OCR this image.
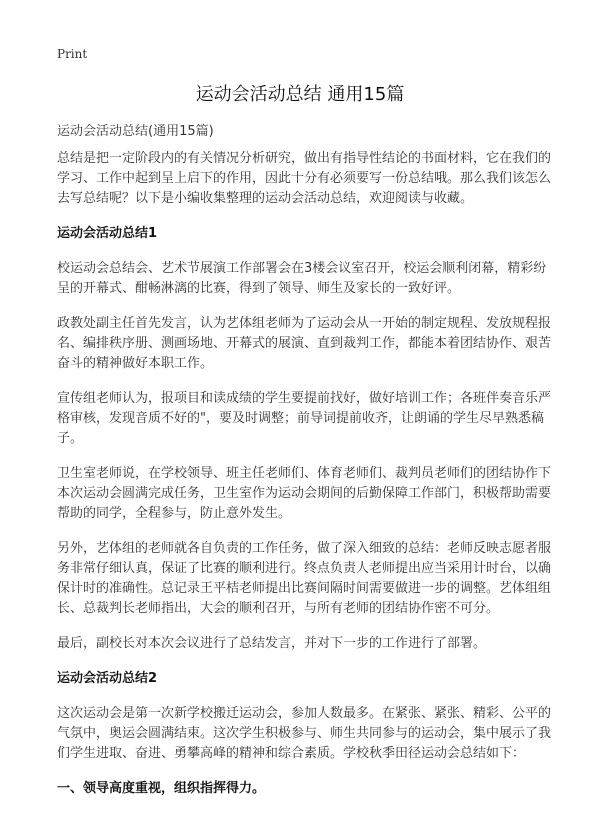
Print
运动会活动总结 通用15篇

运动会活动总结(通用15篇)

总结是把一定阶段内的有关情况分析研究，做出有指导性结论的书面材料，它在我们的学习、工作中起到呈上启下的作用，因此十分有必须要写一份总结哦。那么我们该怎么去写总结呢？以下是小编收集整理的运动会活动总结，欢迎阅读与收藏。

运动会活动总结1

校运动会总结会、艺术节展演工作部署会在3楼会议室召开，校运会顺利闭幕，精彩纷呈的开幕式、酣畅淋漓的比赛，得到了领导、师生及家长的一致好评。

政教处副主任首先发言，认为艺体组老师为了运动会从一开始的制定规程、发放规程报名、编排秩序册、测画场地、开幕式的展演、直到裁判工作，都能本着团结协作、艰苦奋斗的精神做好本职工作。

宣传组老师认为，报项目和读成绩的学生要提前找好，做好培训工作；各班伴奏音乐严格审核，发现音质不好的"，要及时调整；前导词提前收齐，让朗诵的学生尽早熟悉稿子。

卫生室老师说，在学校领导、班主任老师们、体育老师们、裁判员老师们的团结协作下本次运动会圆满完成任务，卫生室作为运动会期间的后勤保障工作部门，积极帮助需要帮助的同学，全程参与，防止意外发生。

另外，艺体组的老师就各自负责的工作任务，做了深入细致的总结：老师反映志愿者服务非常仔细认真，保证了比赛的顺利进行。终点负责人老师提出应当采用计时台，以确保计时的准确性。总记录王平桔老师提出比赛间隔时间需要做进一步的调整。艺体组组长、总裁判长老师指出，大会的顺利召开，与所有老师的团结协作密不可分。

最后，副校长对本次会议进行了总结发言，并对下一步的工作进行了部署。

运动会活动总结2

这次运动会是第一次新学校搬迁运动会，参加人数最多。在紧张、紧张、精彩、公平的气氛中，奥运会圆满结束。这次学生积极参与、师生共同参与的运动会，集中展示了我们学生进取、奋进、勇攀高峰的精神和综合素质。学校秋季田径运动会总结如下：

一、领导高度重视，组织指挥得力。
